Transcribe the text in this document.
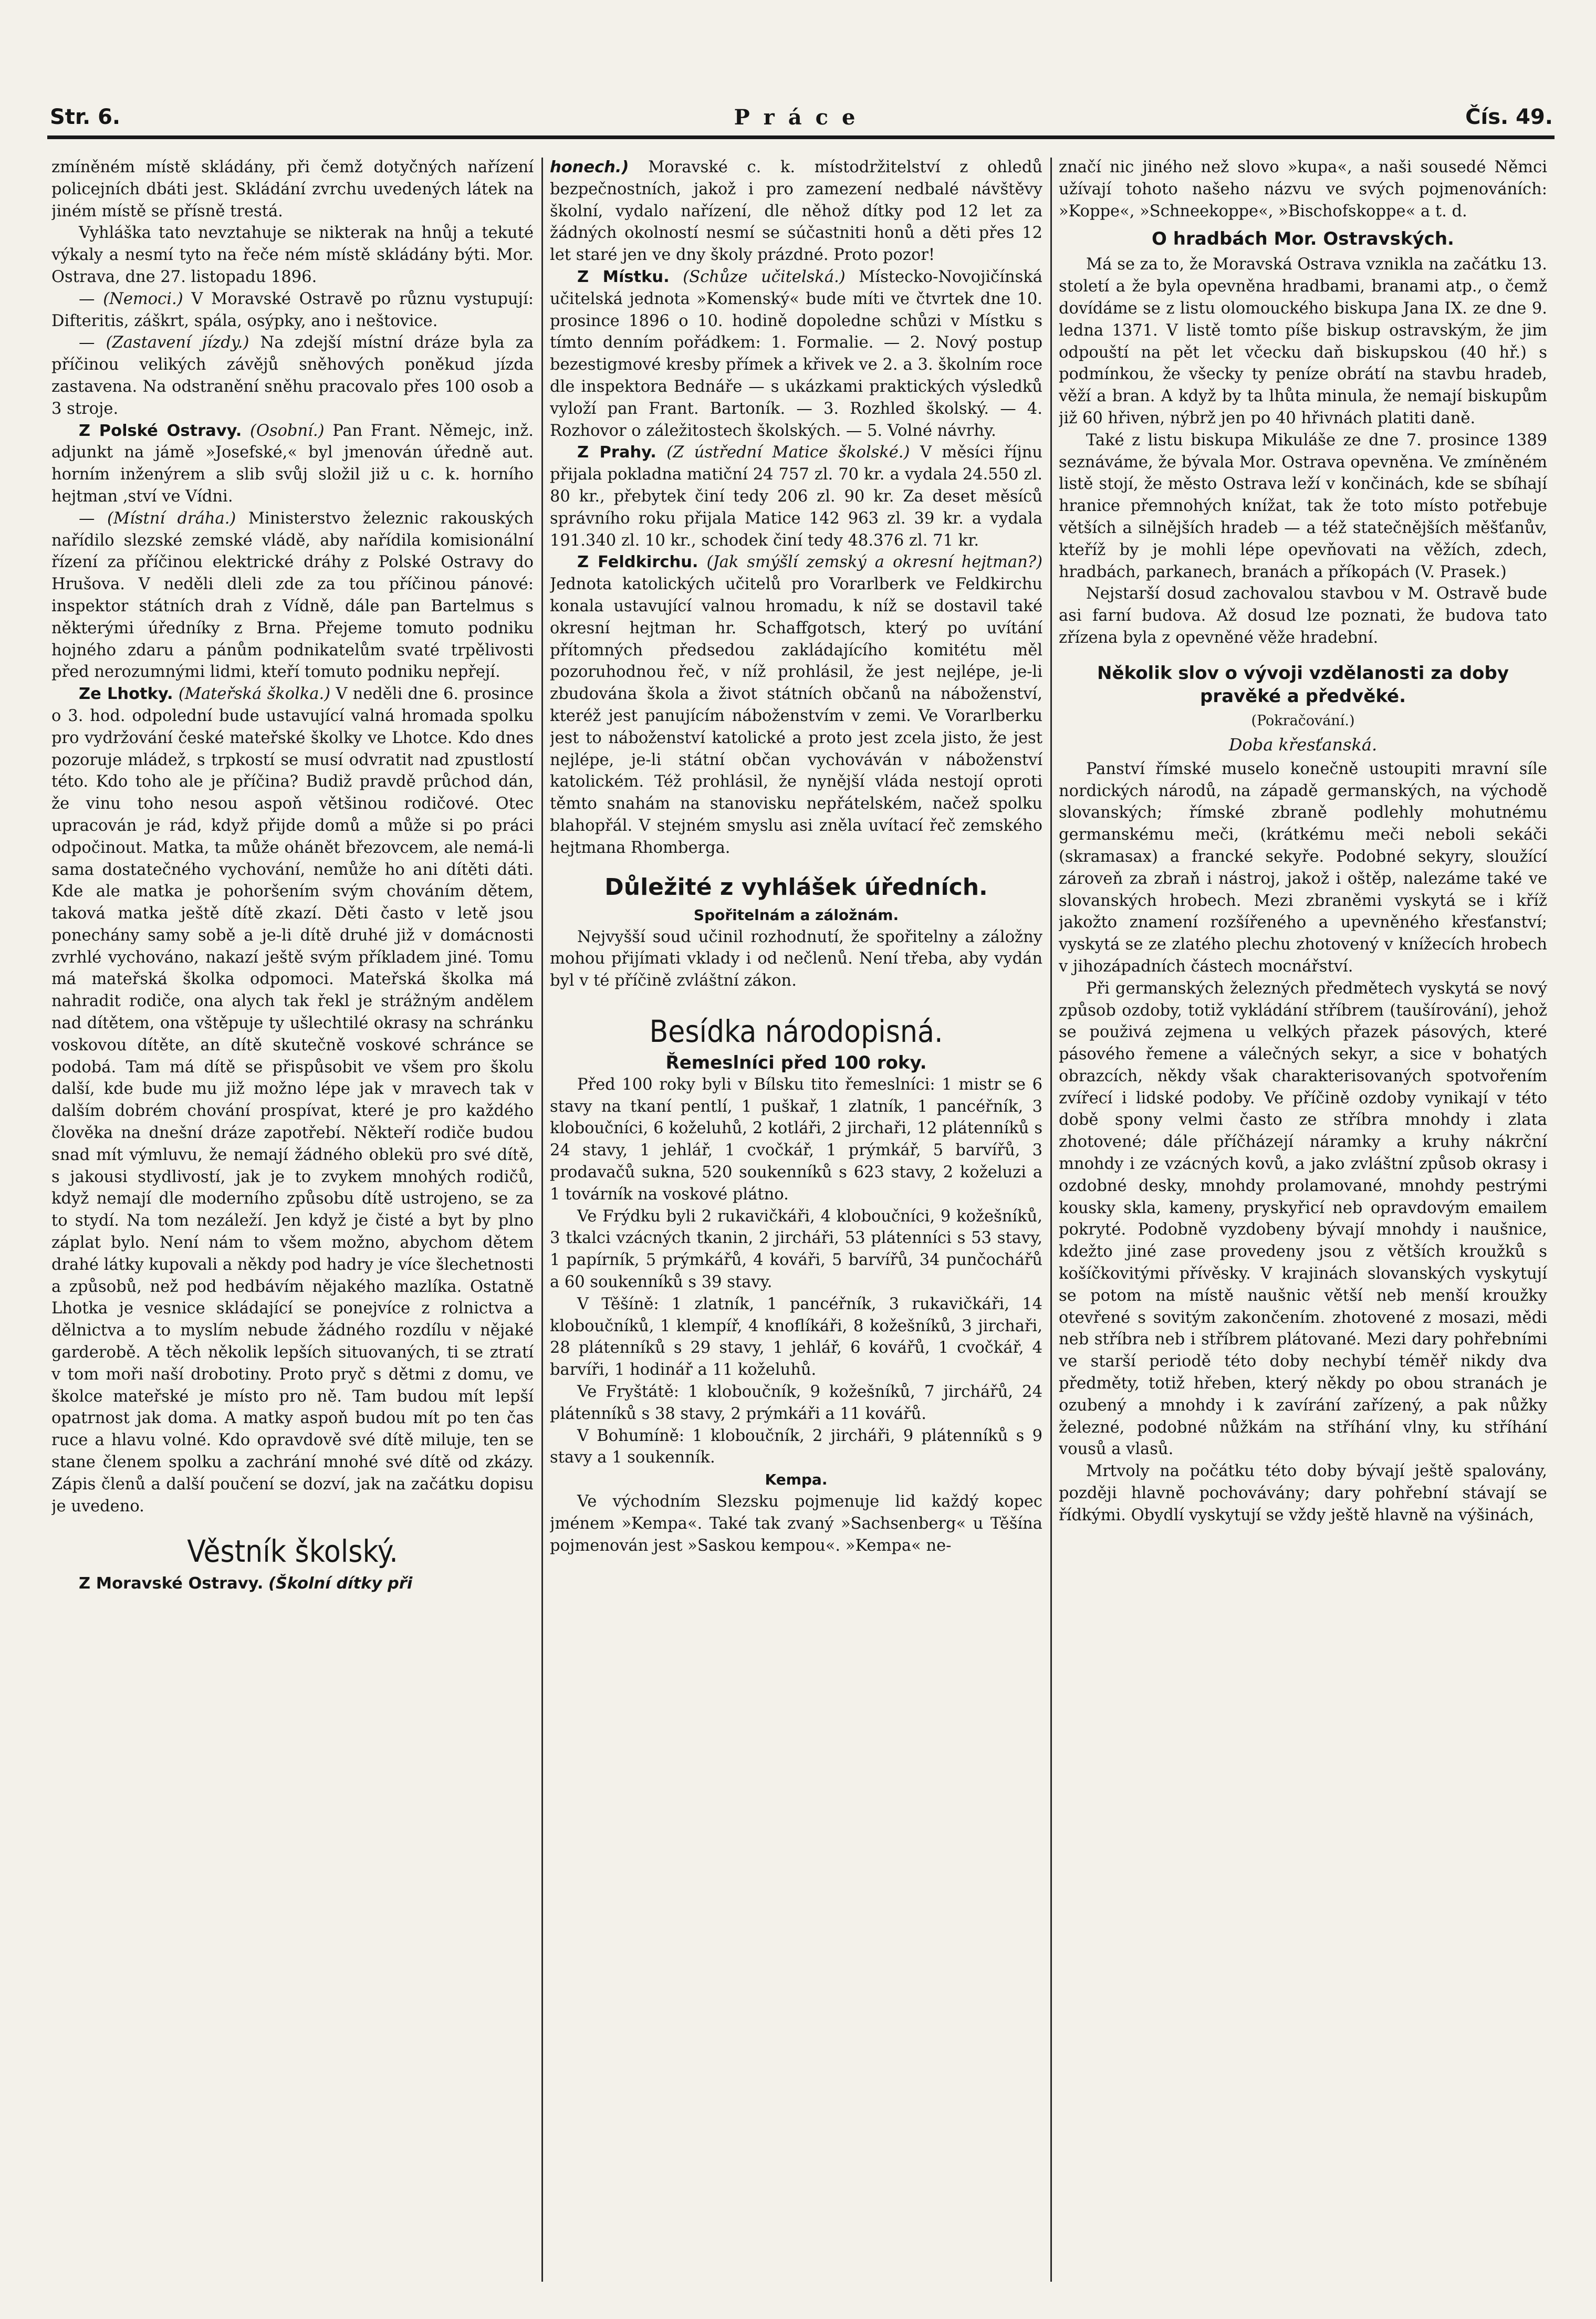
Str. 6.	Práce	Čís. 49.

zmíněném místě skládány, při čemž dotyčných nařízení policejních dbáti jest. Skládání zvrchu uvedených látek na jiném místě se přísně trestá.

Vyhláška tato nevztahuje se nikterak na hnůj a tekuté výkaly a nesmí tyto na řeče ném místě skládány býti. Mor. Ostrava, dne 27. listopadu 1896.

— (Nemoci.) V Moravské Ostravě po různu vystupují: Difteritis, záškrt, spála, osýpky, ano i neštovice.

— (Zastavení jízdy.) Na zdejší místní dráze byla za příčinou velikých závějů sněhových poněkud jízda zastavena. Na odstranění sněhu pracovalo přes 100 osob a 3 stroje.

Z Polské Ostravy. (Osobní.) Pan Frant. Němejc, inž. adjunkt na jámě »Josefské,« byl jmenován úředně aut. horním inženýrem a slib svůj složil již u c. k. horního hejtman ,ství ve Vídni.

— (Místní dráha.) Ministerstvo železnic rakouských nařídilo slezské zemské vládě, aby nařídila komisionální řízení za příčinou elektrické dráhy z Polské Ostravy do Hrušova. V neděli dleli zde za tou příčinou pánové: inspektor státních drah z Vídně, dále pan Bartelmus s některými úředníky z Brna. Přejeme tomuto podniku hojného zdaru a pánům podnikatelům svaté trpělivosti před nerozumnými lidmi, kteří tomuto podniku nepřejí.

Ze Lhotky. (Mateřská školka.) V neděli dne 6. prosince o 3. hod. odpolední bude ustavující valná hromada spolku pro vydržování české mateřské školky ve Lhotce. Kdo dnes pozoruje mládež, s trpkostí se musí odvratit nad zpustlostí této. Kdo toho ale je příčina? Budiž pravdě průchod dán, že vinu toho nesou aspoň většinou rodičové. Otec upracován je rád, když přijde domů a může si po práci odpočinout. Matka, ta může ohánět březovcem, ale nemá-li sama dostatečného vychování, nemůže ho ani dítěti dáti. Kde ale matka je pohoršením svým chováním dětem, taková matka ještě dítě zkazí. Děti často v letě jsou ponechány samy sobě a je-li dítě druhé již v domácnosti zvrhlé vychováno, nakazí ještě svým příkladem jiné. Tomu má mateřská školka odpomoci. Mateřská školka má nahradit rodiče, ona alych tak řekl je strážným andělem nad dítětem, ona vštěpuje ty ušlechtilé okrasy na schránku voskovou dítěte, an dítě skutečně voskové schránce se podobá. Tam má dítě se přispůsobit ve všem pro školu další, kde bude mu již možno lépe jak v mravech tak v dalším dobrém chování prospívat, které je pro každého člověka na dnešní dráze zapotřebí. Někteří rodiče budou snad mít výmluvu, že nemají žádného oblekü pro své dítě, s jakousi stydlivostí, jak je to zvykem mnohých rodičů, když nemají dle moderního způsobu dítě ustrojeno, se za to stydí. Na tom nezáleží. Jen když je čisté a byt by plno záplat bylo. Není nám to všem možno, abychom dětem drahé látky kupovali a někdy pod hadry je více šlechetnosti a způsobů, než pod hedbávím nějakého mazlíka. Ostatně Lhotka je vesnice skládající se ponejvíce z rolnictva a dělnictva a to myslím nebude žádného rozdílu v nějaké garderobě. A těch několik lepších situovaných, ti se ztratí v tom moři naší drobotiny. Proto pryč s dětmi z domu, ve školce mateřské je místo pro ně. Tam budou mít lepší opatrnost jak doma. A matky aspoň budou mít po ten čas ruce a hlavu volné. Kdo opravdově své dítě miluje, ten se stane členem spolku a zachrání mnohé své dítě od zkázy. Zápis členů a další poučení se dozví, jak na začátku dopisu je uvedeno.

Věstník školský.

Z Moravské Ostravy. (Školní dítky při

honech.) Moravské c. k. místodržitelství z ohledů bezpečnostních, jakož i pro zamezení nedbalé návštěvy školní, vydalo nařízení, dle něhož dítky pod 12 let za žádných okolností nesmí se súčastniti honů a děti přes 12 let staré jen ve dny školy prázdné. Proto pozor!

Z Místku. (Schůze učitelská.) Místecko-Novojičínská učitelská jednota »Komenský« bude míti ve čtvrtek dne 10. prosince 1896 o 10. hodině dopoledne schůzi v Místku s tímto denním pořádkem: 1. Formalie. — 2. Nový postup bezestigmové kresby přímek a křivek ve 2. a 3. školním roce dle inspektora Bednáře — s ukázkami praktických výsledků vyloží pan Frant. Bartoník. — 3. Rozhled školský. — 4. Rozhovor o záležitostech školských. — 5. Volné návrhy.

Z Prahy. (Z ústřední Matice školské.) V měsíci říjnu přijala pokladna matiční 24 757 zl. 70 kr. a vydala 24.550 zl. 80 kr., přebytek činí tedy 206 zl. 90 kr. Za deset měsíců správního roku přijala Matice 142 963 zl. 39 kr. a vydala 191.340 zl. 10 kr., schodek činí tedy 48.376 zl. 71 kr.

Z Feldkirchu. (Jak smýšlí zemský a okresní hejtman?) Jednota katolických učitelů pro Vorarlberk ve Feldkirchu konala ustavující valnou hromadu, k níž se dostavil také okresní hejtman hr. Schaffgotsch, který po uvítání přítomných předsedou zakládajícího komitétu měl pozoruhodnou řeč, v níž prohlásil, že jest nejlépe, je-li zbudována škola a život státních občanů na náboženství, kteréž jest panujícím náboženstvím v zemi. Ve Vorarlberku jest to náboženství katolické a proto jest zcela jisto, že jest nejlépe, je-li státní občan vychováván v náboženství katolickém. Též prohlásil, že nynější vláda nestojí oproti těmto snahám na stanovisku nepřátelském, načež spolku blahopřál. V stejném smyslu asi zněla uvítací řeč zemského hejtmana Rhomberga.

Důležité z vyhlášek úředních.
Spořitelnám a záložnám.

Nejvyšší soud učinil rozhodnutí, že spořitelny a záložny mohou přijímati vklady i od nečlenů. Není třeba, aby vydán byl v té příčině zvláštní zákon.

Besídka národopisná.
Řemeslníci před 100 roky.

Před 100 roky byli v Bílsku tito řemeslníci: 1 mistr se 6 stavy na tkaní pentlí, 1 puškař, 1 zlatník, 1 pancéřník, 3 kloboučníci, 6 koželuhů, 2 kotláři, 2 jirchaři, 12 plátenníků s 24 stavy, 1 jehlář, 1 cvočkář, 1 prýmkář, 5 barvířů, 3 prodavačů sukna, 520 soukenníků s 623 stavy, 2 koželuzi a 1 továrník na voskové plátno.

Ve Frýdku byli 2 rukavičkáři, 4 kloboučníci, 9 kožešníků, 3 tkalci vzácných tkanin, 2 jircháři, 53 plátenníci s 53 stavy, 1 papírník, 5 prýmkářů, 4 kováři, 5 barvířů, 34 punčochářů a 60 soukenníků s 39 stavy.

V Těšíně: 1 zlatník, 1 pancéřník, 3 rukavičkáři, 14 kloboučníků, 1 klempíř, 4 knoflíkáři, 8 kožešníků, 3 jirchaři, 28 plátenníků s 29 stavy, 1 jehlář, 6 kovářů, 1 cvočkář, 4 barvíři, 1 hodinář a 11 koželuhů.

Ve Fryštátě: 1 kloboučník, 9 kožešníků, 7 jirchářů, 24 plátenníků s 38 stavy, 2 prýmkáři a 11 kovářů.

V Bohumíně: 1 kloboučník, 2 jircháři, 9 plátenníků s 9 stavy a 1 soukenník.

Kempa.

Ve východním Slezsku pojmenuje lid každý kopec jménem »Kempa«. Také tak zvaný »Sachsenberg« u Těšína pojmenován jest »Saskou kempou«. »Kempa« ne-

značí nic jiného než slovo »kupa«, a naši sousedé Němci užívají tohoto našeho názvu ve svých pojmenováních: »Koppe«, »Schneekoppe«, »Bischofskoppe« a t. d.

O hradbách Mor. Ostravských.

Má se za to, že Moravská Ostrava vznikla na začátku 13. století a že byla opevněna hradbami, branami atp., o čemž dovídáme se z listu olomouckého biskupa Jana IX. ze dne 9. ledna 1371. V listě tomto píše biskup ostravským, že jim odpouští na pět let včecku daň biskupskou (40 hř.) s podmínkou, že všecky ty peníze obrátí na stavbu hradeb, věží a bran. A když by ta lhůta minula, že nemají biskupům již 60 hřiven, nýbrž jen po 40 hřivnách platiti daně.

Také z listu biskupa Mikuláše ze dne 7. prosince 1389 seznáváme, že bývala Mor. Ostrava opevněna. Ve zmíněném listě stojí, že město Ostrava leží v končinách, kde se sbíhají hranice přemnohých knížat, tak že toto místo potřebuje větších a silnějších hradeb — a též statečnějších měšťanův, kteříž by je mohli lépe opevňovati na věžích, zdech, hradbách, parkanech, branách a příkopách (V. Prasek.)

Nejstarší dosud zachovalou stavbou v M. Ostravě bude asi farní budova. Až dosud lze poznati, že budova tato zřízena byla z opevněné věže hradební.

Několik slov o vývoji vzdělanosti za doby pravěké a předvěké.
(Pokračování.)
Doba křesťanská.

Panství římské muselo konečně ustoupiti mravní síle nordických národů, na západě germanských, na východě slovanských; římské zbraně podlehly mohutnému germanskému meči, (krátkému meči neboli sekáči (skramasax) a francké sekyře. Podobné sekyry, sloužící zároveň za zbraň i nástroj, jakož i oštěp, nalezáme také ve slovanských hrobech. Mezi zbraněmi vyskytá se i kříž jakožto znamení rozšířeného a upevněného křesťanství; vyskytá se ze zlatého plechu zhotovený v knížecích hrobech v jihozápadních částech mocnářství.

Při germanských železných předmětech vyskytá se nový způsob ozdoby, totiž vykládání stříbrem (taušírování), jehož se použivá zejmena u velkých přazek pásových, které pásového řemene a válečných sekyr, a sice v bohatých obrazcích, někdy však charakterisovaných spotvořením zvířecí i lidské podoby. Ve příčině ozdoby vynikají v této době spony velmi často ze stříbra mnohdy i zlata zhotovené; dále příčházejí náramky a kruhy nákrční mnohdy i ze vzácných kovů, a jako zvláštní způsob okrasy i ozdobné desky, mnohdy prolamované, mnohdy pestrými kousky skla, kameny, pryskyřicí neb opravdovým emailem pokryté. Podobně vyzdobeny bývají mnohdy i naušnice, kdežto jiné zase provedeny jsou z větších kroužků s košíčkovitými přívěsky. V krajinách slovanských vyskytují se potom na místě naušnic větší neb menší kroužky otevřené s sovitým zakončením. zhotovené z mosazi, mědi neb stříbra neb i stříbrem plátované. Mezi dary pohřebními ve starší periodě této doby nechybí téměř nikdy dva předměty, totiž hřeben, který někdy po obou stranách je ozubený a mnohdy i k zavírání zařízený, a pak nůžky železné, podobné nůžkám na stříhání vlny, ku stříhání vousů a vlasů.

Mrtvoly na počátku této doby bývají ještě spalovány, později hlavně pochovávány; dary pohřební stávají se řídkými. Obydlí vyskytují se vždy ještě hlavně na výšinách,
